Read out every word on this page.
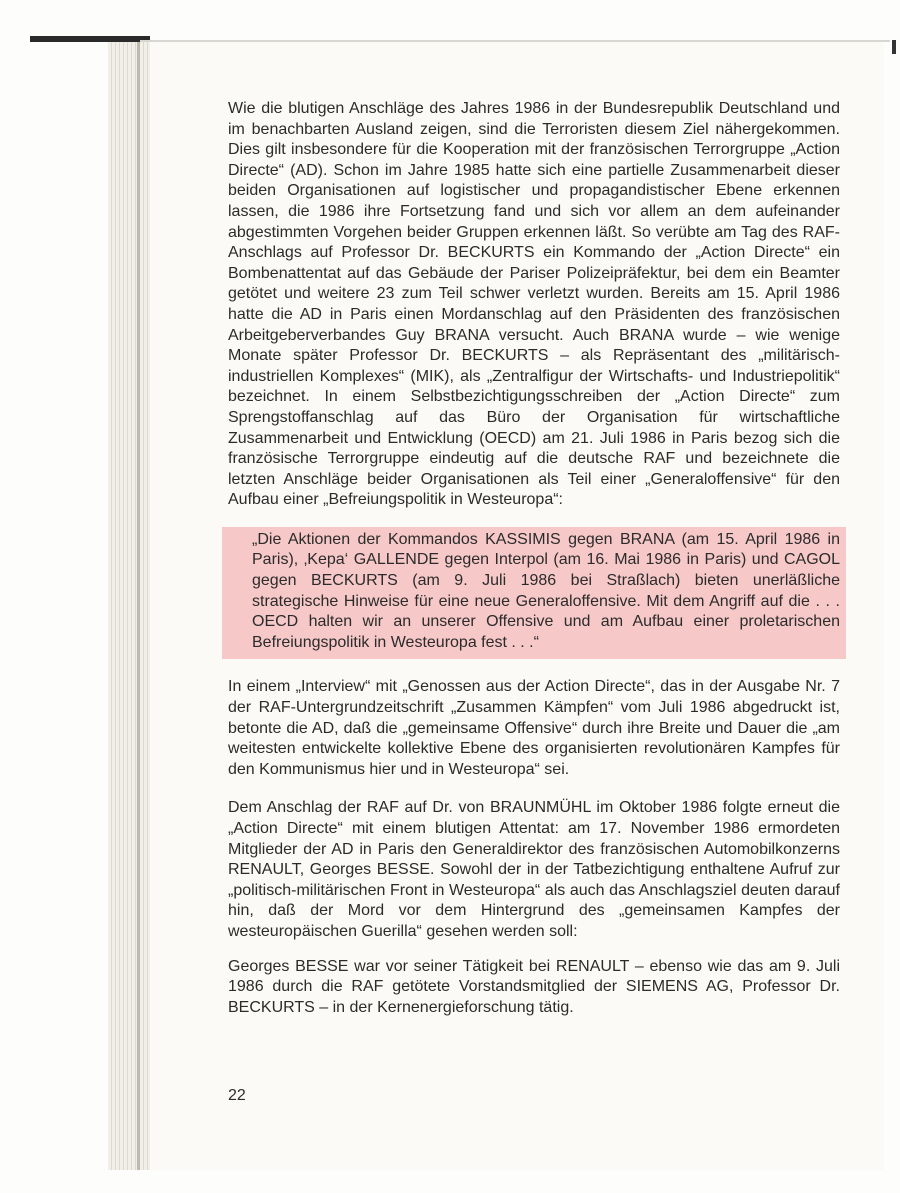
Wie die blutigen Anschläge des Jahres 1986 in der Bundesrepublik Deutschland und im benachbarten Ausland zeigen, sind die Terroristen diesem Ziel nähergekommen. Dies gilt insbesondere für die Kooperation mit der französischen Terrorgruppe „Action Directe“ (AD). Schon im Jahre 1985 hatte sich eine partielle Zusammenarbeit dieser beiden Organisationen auf logistischer und propagandistischer Ebene erkennen lassen, die 1986 ihre Fortsetzung fand und sich vor allem an dem aufeinander abgestimmten Vorgehen beider Gruppen erkennen läßt. So verübte am Tag des RAF-Anschlags auf Professor Dr. BECKURTS ein Kommando der „Action Directe“ ein Bombenattentat auf das Gebäude der Pariser Polizeipräfektur, bei dem ein Beamter getötet und weitere 23 zum Teil schwer verletzt wurden. Bereits am 15. April 1986 hatte die AD in Paris einen Mordanschlag auf den Präsidenten des französischen Arbeitgeberverbandes Guy BRANA versucht. Auch BRANA wurde – wie wenige Monate später Professor Dr. BECKURTS – als Repräsentant des „militärisch-industriellen Komplexes“ (MIK), als „Zentralfigur der Wirtschafts- und Industriepolitik“ bezeichnet. In einem Selbstbezichtigungsschreiben der „Action Directe“ zum Sprengstoffanschlag auf das Büro der Organisation für wirtschaftliche Zusammenarbeit und Entwicklung (OECD) am 21. Juli 1986 in Paris bezog sich die französische Terrorgruppe eindeutig auf die deutsche RAF und bezeichnete die letzten Anschläge beider Organisationen als Teil einer „Generaloffensive“ für den Aufbau einer „Befreiungspolitik in Westeuropa“:

„Die Aktionen der Kommandos KASSIMIS gegen BRANA (am 15. April 1986 in Paris), ‚Kepa‘ GALLENDE gegen Interpol (am 16. Mai 1986 in Paris) und CAGOL gegen BECKURTS (am 9. Juli 1986 bei Straßlach) bieten unerläßliche strategische Hinweise für eine neue Generaloffensive. Mit dem Angriff auf die . . . OECD halten wir an unserer Offensive und am Aufbau einer proletarischen Befreiungspolitik in Westeuropa fest . . .“

In einem „Interview“ mit „Genossen aus der Action Directe“, das in der Ausgabe Nr. 7 der RAF-Untergrundzeitschrift „Zusammen Kämpfen“ vom Juli 1986 abgedruckt ist, betonte die AD, daß die „gemeinsame Offensive“ durch ihre Breite und Dauer die „am weitesten entwickelte kollektive Ebene des organisierten revolutionären Kampfes für den Kommunismus hier und in Westeuropa“ sei.

Dem Anschlag der RAF auf Dr. von BRAUNMÜHL im Oktober 1986 folgte erneut die „Action Directe“ mit einem blutigen Attentat: am 17. November 1986 ermordeten Mitglieder der AD in Paris den Generaldirektor des französischen Automobilkonzerns RENAULT, Georges BESSE. Sowohl der in der Tatbezichtigung enthaltene Aufruf zur „politisch-militärischen Front in Westeuropa“ als auch das Anschlagsziel deuten darauf hin, daß der Mord vor dem Hintergrund des „gemeinsamen Kampfes der westeuropäischen Guerilla“ gesehen werden soll:

Georges BESSE war vor seiner Tätigkeit bei RENAULT – ebenso wie das am 9. Juli 1986 durch die RAF getötete Vorstandsmitglied der SIEMENS AG, Professor Dr. BECKURTS – in der Kernenergieforschung tätig.

22
